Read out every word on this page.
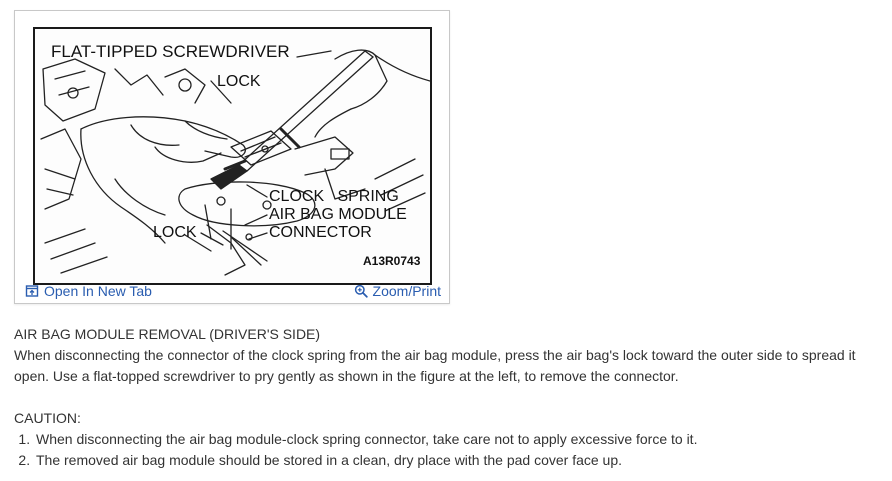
FLAT-TIPPED SCREWDRIVER
LOCK
CLOCK   SPRING
AIR BAG MODULE
CONNECTOR
LOCK
A13R0743
Open In New Tab	Zoom/Print

AIR BAG MODULE REMOVAL (DRIVER'S SIDE)

When disconnecting the connector of the clock spring from the air bag module, press the air bag's lock toward the outer side to spread it open. Use a flat-topped screwdriver to pry gently as shown in the figure at the left, to remove the connector.

CAUTION:

1. When disconnecting the air bag module-clock spring connector, take care not to apply excessive force to it.
2. The removed air bag module should be stored in a clean, dry place with the pad cover face up.
